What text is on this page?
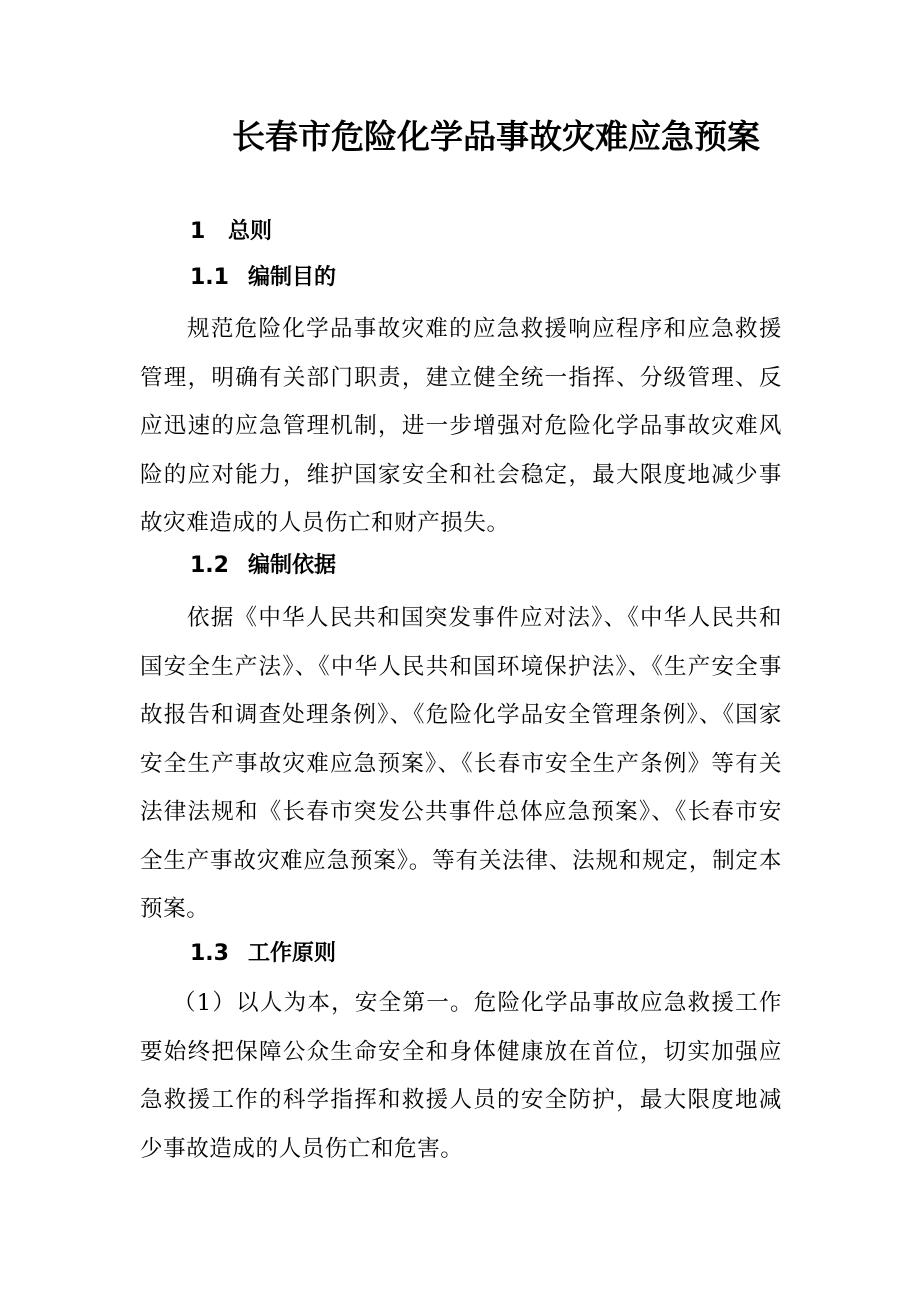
长春市危险化学品事故灾难应急预案
1 总则
1.1 编制目的

规范危险化学品事故灾难的应急救援响应程序和应急救援管理，明确有关部门职责，建立健全统一指挥、分级管理、反应迅速的应急管理机制，进一步增强对危险化学品事故灾难风险的应对能力，维护国家安全和社会稳定，最大限度地减少事故灾难造成的人员伤亡和财产损失。

1.2 编制依据

依据《中华人民共和国突发事件应对法》、《中华人民共和国安全生产法》、《中华人民共和国环境保护法》、《生产安全事故报告和调查处理条例》、《危险化学品安全管理条例》、《国家安全生产事故灾难应急预案》、《长春市安全生产条例》等有关法律法规和《长春市突发公共事件总体应急预案》、《长春市安全生产事故灾难应急预案》。等有关法律、法规和规定，制定本预案。

1.3 工作原则

（1）以人为本，安全第一。危险化学品事故应急救援工作要始终把保障公众生命安全和身体健康放在首位，切实加强应急救援工作的科学指挥和救援人员的安全防护，最大限度地减少事故造成的人员伤亡和危害。
